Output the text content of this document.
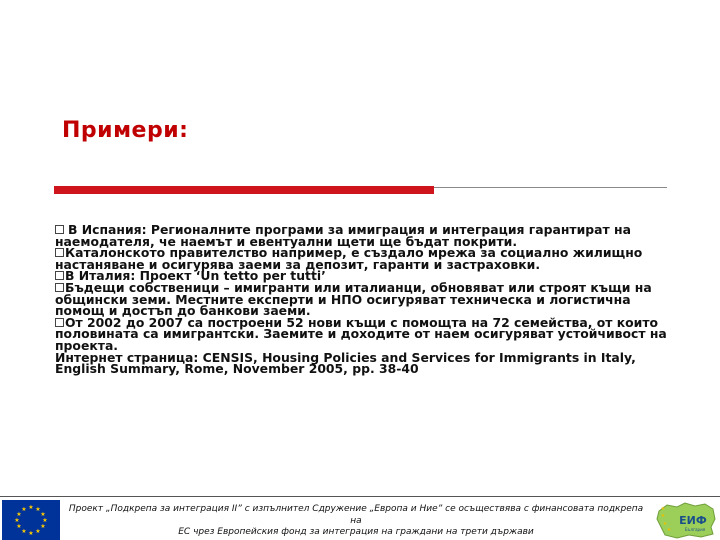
Примери:

В Испания: Регионалните програми за имиграция и интеграция гарантират на наемодателя, че наемът и евентуални щети ще бъдат покрити.

Каталонското правителство например, е създало мрежа за социално жилищно настаняване и осигурява заеми за депозит, гаранти и застраховки.

В Италия: Проект ‘Un tetto per tutti’

Бъдещи собственици – имигранти или италианци, обновяват или строят къщи на общински земи. Местните експерти и НПО осигуряват техническа и логистична помощ и достъп до банкови заеми.

От 2002 до 2007 са построени 52 нови къщи с помощта на 72 семейства, от които половината са имигрантски. Заемите и доходите от наем осигуряват устойчивост на проекта.

Интернет страница: CENSIS, Housing Policies and Services for Immigrants in Italy, English Summary, Rome, November 2005, pp. 38-40

★ ★
★
★
★
★
★
★
★
★
★
★	Проект „Подкрепа за интеграция II” с изпълнител Сдружение „Европа и Ние” се осъществява с финансовата подкрепа на
ЕС чрез Европейския фонд за интеграция на граждани на трети държави
★
★
★
★
ЕИФ
България
